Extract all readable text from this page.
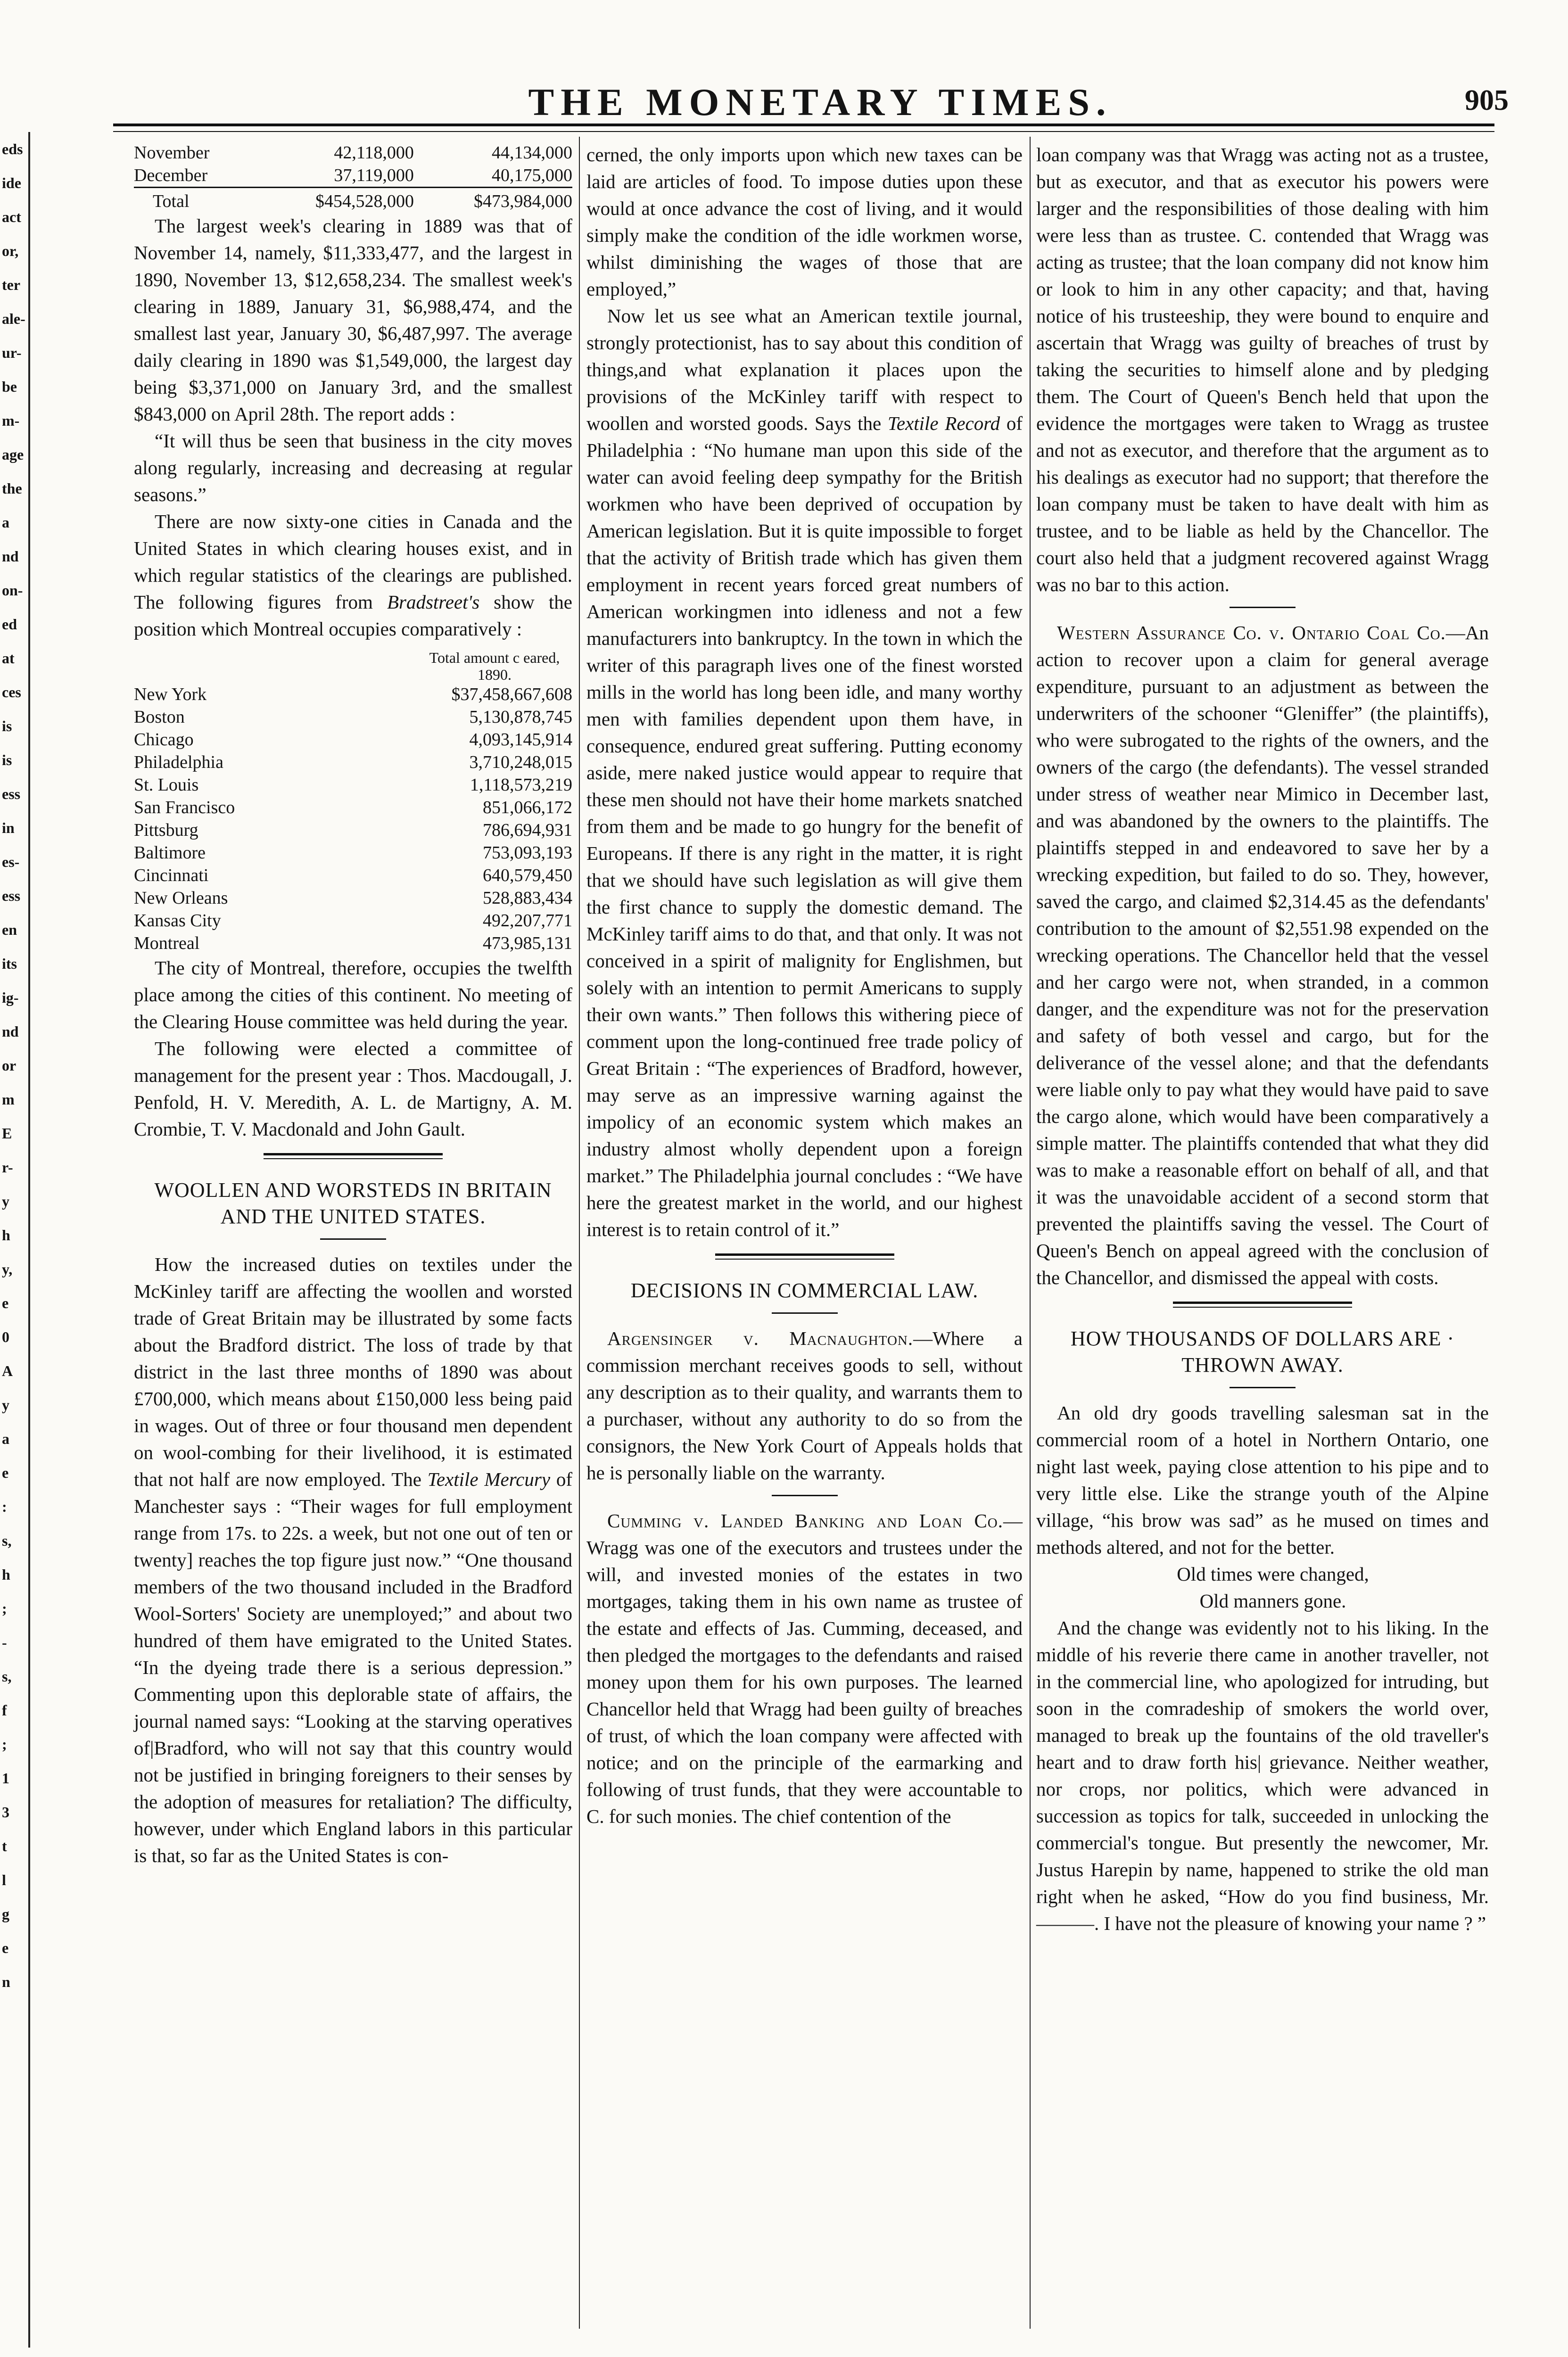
eds
ide
act
or,
ter
ale-
ur-
be
m-
age
the
a
nd
on-
ed
at
ces
is
is
ess
in
es-
ess
en
its
ig-
nd
or
m
E
r-
y
h
y,
e
0
A
y
a
e
:
s,
h
;
-
s,
f
;
1
3
t
l
g
e
n
THE MONETARY TIMES.	905
November	42,118,000	44,134,000
December	37,119,000	40,175,000
Total	$454,528,000	$473,984,000

The largest week's clearing in 1889 was that of November 14, namely, $11,333,477, and the largest in 1890, November 13, $12,658,234. The smallest week's clearing in 1889, January 31, $6,988,474, and the smallest last year, January 30, $6,487,997. The average daily clearing in 1890 was $1,549,000, the largest day being $3,371,000 on January 3rd, and the smallest $843,000 on April 28th. The report adds :

“It will thus be seen that business in the city moves along regularly, increasing and decreasing at regular seasons.”

There are now sixty-one cities in Canada and the United States in which clearing houses exist, and in which regular statistics of the clearings are published. The following figures from Bradstreet's show the position which Montreal occupies comparatively :

Total amount c eared, 1890.
New York	$37,458,667,608
Boston	5,130,878,745
Chicago	4,093,145,914
Philadelphia	3,710,248,015
St. Louis	1,118,573,219
San Francisco	851,066,172
Pittsburg	786,694,931
Baltimore	753,093,193
Cincinnati	640,579,450
New Orleans	528,883,434
Kansas City	492,207,771
Montreal	473,985,131

The city of Montreal, therefore, occupies the twelfth place among the cities of this continent. No meeting of the Clearing House committee was held during the year.

The following were elected a committee of management for the present year : Thos. Macdougall, J. Penfold, H. V. Meredith, A. L. de Martigny, A. M. Crombie, T. V. Macdonald and John Gault.

WOOLLEN AND WORSTEDS IN BRITAIN AND THE UNITED STATES.

How the increased duties on textiles under the McKinley tariff are affecting the woollen and worsted trade of Great Britain may be illustrated by some facts about the Bradford district. The loss of trade by that district in the last three months of 1890 was about £700,000, which means about £150,000 less being paid in wages. Out of three or four thousand men dependent on wool-combing for their livelihood, it is estimated that not half are now employed. The Textile Mercury of Manchester says : “Their wages for full employment range from 17s. to 22s. a week, but not one out of ten or twenty] reaches the top figure just now.” “One thousand members of the two thousand included in the Bradford Wool-Sorters' Society are unemployed;” and about two hundred of them have emigrated to the United States. “In the dyeing trade there is a serious depression.” Commenting upon this deplorable state of affairs, the journal named says: “Looking at the starving operatives of|Bradford, who will not say that this country would not be justified in bringing foreigners to their senses by the adoption of measures for retaliation? The difficulty, however, under which England labors in this particular is that, so far as the United States is con-

cerned, the only imports upon which new taxes can be laid are articles of food. To impose duties upon these would at once advance the cost of living, and it would simply make the condition of the idle workmen worse, whilst diminishing the wages of those that are employed,”

Now let us see what an American textile journal, strongly protectionist, has to say about this condition of things,and what explanation it places upon the provisions of the McKinley tariff with respect to woollen and worsted goods. Says the Textile Record of Philadelphia : “No humane man upon this side of the water can avoid feeling deep sympathy for the British workmen who have been deprived of occupation by American legislation. But it is quite impossible to forget that the activity of British trade which has given them employment in recent years forced great numbers of American workingmen into idleness and not a few manufacturers into bankruptcy. In the town in which the writer of this paragraph lives one of the finest worsted mills in the world has long been idle, and many worthy men with families dependent upon them have, in consequence, endured great suffering. Putting economy aside, mere naked justice would appear to require that these men should not have their home markets snatched from them and be made to go hungry for the benefit of Europeans. If there is any right in the matter, it is right that we should have such legislation as will give them the first chance to supply the domestic demand. The McKinley tariff aims to do that, and that only. It was not conceived in a spirit of malignity for Englishmen, but solely with an intention to permit Americans to supply their own wants.” Then follows this withering piece of comment upon the long-continued free trade policy of Great Britain : “The experiences of Bradford, however, may serve as an impressive warning against the impolicy of an economic system which makes an industry almost wholly dependent upon a foreign market.” The Philadelphia journal concludes : “We have here the greatest market in the world, and our highest interest is to retain control of it.”

DECISIONS IN COMMERCIAL LAW.

Argensinger v. Macnaughton.—Where a commission merchant receives goods to sell, without any description as to their quality, and warrants them to a purchaser, without any authority to do so from the consignors, the New York Court of Appeals holds that he is personally liable on the warranty.

Cumming v. Landed Banking and Loan Co.—Wragg was one of the executors and trustees under the will, and invested monies of the estates in two mortgages, taking them in his own name as trustee of the estate and effects of Jas. Cumming, deceased, and then pledged the mortgages to the defendants and raised money upon them for his own purposes. The learned Chancellor held that Wragg had been guilty of breaches of trust, of which the loan company were affected with notice; and on the principle of the earmarking and following of trust funds, that they were accountable to C. for such monies. The chief contention of the

loan company was that Wragg was acting not as a trustee, but as executor, and that as executor his powers were larger and the responsibilities of those dealing with him were less than as trustee. C. contended that Wragg was acting as trustee; that the loan company did not know him or look to him in any other capacity; and that, having notice of his trusteeship, they were bound to enquire and ascertain that Wragg was guilty of breaches of trust by taking the securities to himself alone and by pledging them. The Court of Queen's Bench held that upon the evidence the mortgages were taken to Wragg as trustee and not as executor, and therefore that the argument as to his dealings as executor had no support; that therefore the loan company must be taken to have dealt with him as trustee, and to be liable as held by the Chancellor. The court also held that a judgment recovered against Wragg was no bar to this action.

Western Assurance Co. v. Ontario Coal Co.—An action to recover upon a claim for general average expenditure, pursuant to an adjustment as between the underwriters of the schooner “Gleniffer” (the plaintiffs), who were subrogated to the rights of the owners, and the owners of the cargo (the defendants). The vessel stranded under stress of weather near Mimico in December last, and was abandoned by the owners to the plaintiffs. The plaintiffs stepped in and endeavored to save her by a wrecking expedition, but failed to do so. They, however, saved the cargo, and claimed $2,314.45 as the defendants' contribution to the amount of $2,551.98 expended on the wrecking operations. The Chancellor held that the vessel and her cargo were not, when stranded, in a common danger, and the expenditure was not for the preservation and safety of both vessel and cargo, but for the deliverance of the vessel alone; and that the defendants were liable only to pay what they would have paid to save the cargo alone, which would have been comparatively a simple matter. The plaintiffs contended that what they did was to make a reasonable effort on behalf of all, and that it was the unavoidable accident of a second storm that prevented the plaintiffs saving the vessel. The Court of Queen's Bench on appeal agreed with the conclusion of the Chancellor, and dismissed the appeal with costs.

HOW THOUSANDS OF DOLLARS ARE · THROWN AWAY.

An old dry goods travelling salesman sat in the commercial room of a hotel in Northern Ontario, one night last week, paying close attention to his pipe and to very little else. Like the strange youth of the Alpine village, “his brow was sad” as he mused on times and methods altered, and not for the better.

Old times were changed,

Old manners gone.

And the change was evidently not to his liking. In the middle of his reverie there came in another traveller, not in the commercial line, who apologized for intruding, but soon in the comradeship of smokers the world over, managed to break up the fountains of the old traveller's heart and to draw forth his| grievance. Neither weather, nor crops, nor politics, which were advanced in succession as topics for talk, succeeded in unlocking the commercial's tongue. But presently the newcomer, Mr. Justus Harepin by name, happened to strike the old man right when he asked, “How do you find business, Mr.———. I have not the pleasure of knowing your name ? ”
